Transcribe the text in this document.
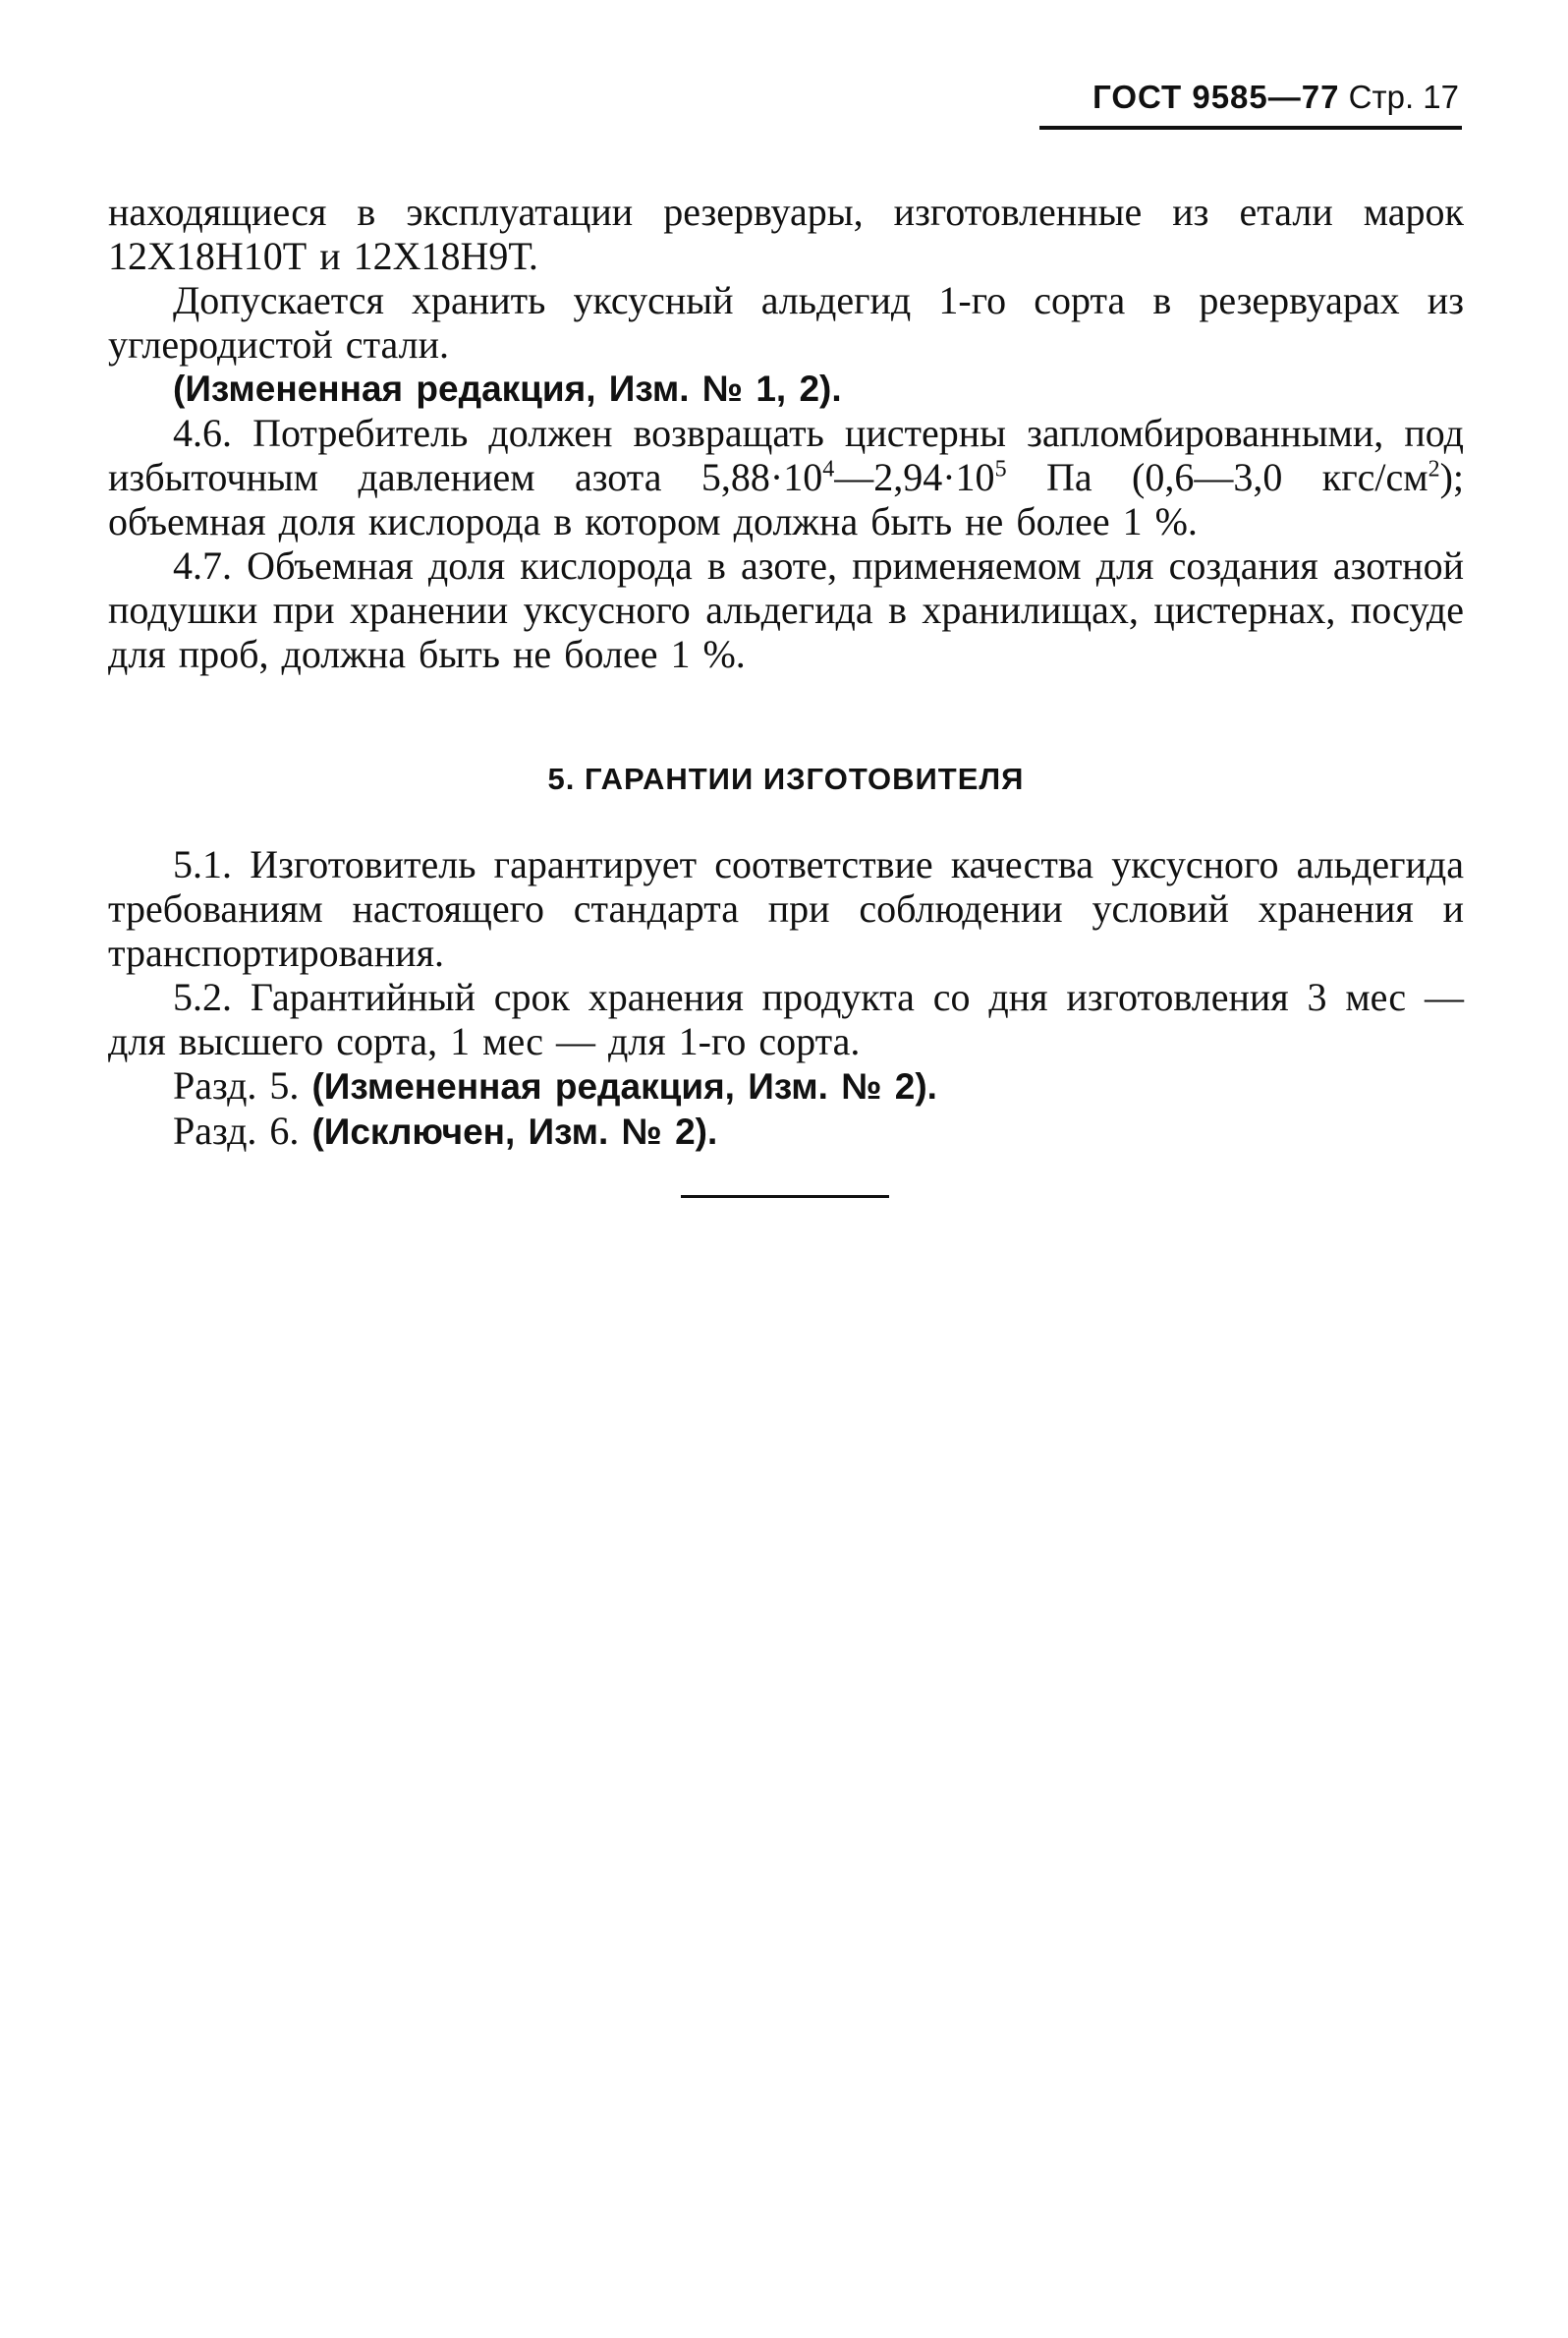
ГОСТ 9585—77 Стр. 17

находящиеся в эксплуатации резервуары, изготовленные из етали марок 12Х18Н10Т и 12Х18Н9Т.

Допускается хранить уксусный альдегид 1-го сорта в резервуарах из углеродистой стали.

(Измененная редакция, Изм. № 1, 2).

4.6. Потребитель должен возвращать цистерны запломбированными, под избыточным давлением азота $5,88\cdot 10^4—2,94\cdot 10^5$ Па (0,6—3,0 кгс/$см^2$); объемная доля кислорода в котором должна быть не более 1 %.

4.7. Объемная доля кислорода в азоте, применяемом для создания азотной подушки при хранении уксусного альдегида в хранилищах, цистернах, посуде для проб, должна быть не более 1 %.

5. ГАРАНТИИ ИЗГОТОВИТЕЛЯ

5.1. Изготовитель гарантирует соответствие качества уксусного альдегида требованиям настоящего стандарта при соблюдении условий хранения и транспортирования.

5.2. Гарантийный срок хранения продукта со дня изготовления 3 мес — для высшего сорта, 1 мес — для 1-го сорта.

Разд. 5. (Измененная редакция, Изм. № 2).

Разд. 6. (Исключен, Изм. № 2).
